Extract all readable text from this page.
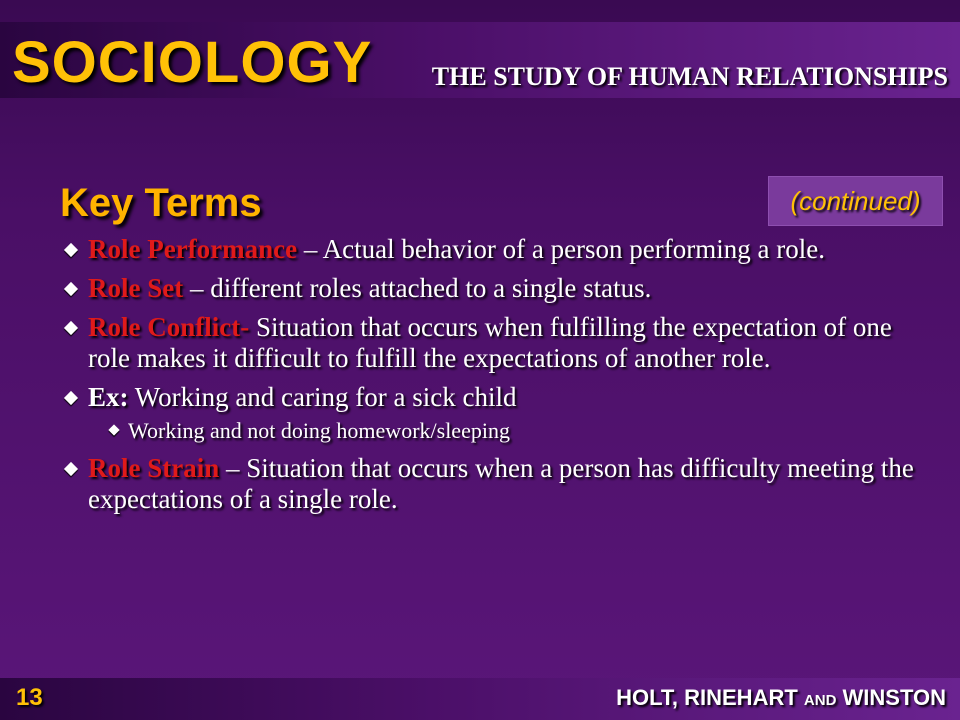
SOCIOLOGY THE STUDY OF HUMAN RELATIONSHIPS
Key Terms	(continued)
Role Performance – Actual behavior of a person performing a role.
Role Set – different roles attached to a single status.
Role Conflict- Situation that occurs when fulfilling the expectation of one role makes it difficult to fulfill the expectations of another role.
Ex: Working and caring for a sick child
Working and not doing homework/sleeping
Role Strain – Situation that occurs when a person has difficulty meeting the expectations of a single role.
13	HOLT, RINEHART AND WINSTON
